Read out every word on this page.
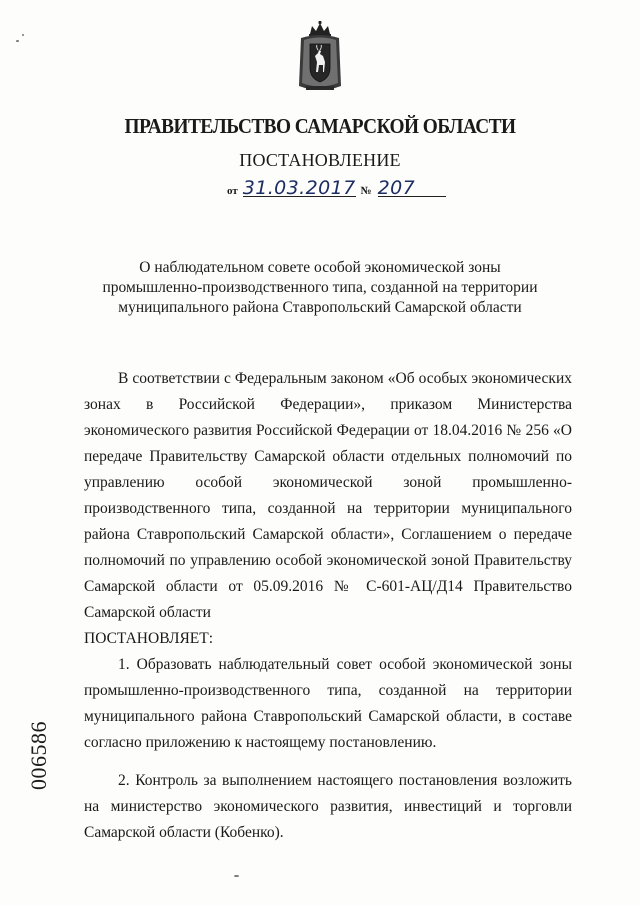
ПРАВИТЕЛЬСТВО САМАРСКОЙ ОБЛАСТИ
ПОСТАНОВЛЕНИЕ
от 31.03.2017 № 207
О наблюдательном совете особой экономической зоны
промышленно-производственного типа, созданной на территории
муниципального района Ставропольский Самарской области

В соответствии с Федеральным законом «Об особых экономических зонах в Российской Федерации», приказом Министерства экономического развития Российской Федерации от 18.04.2016 № 256 «О передаче Правительству Самарской области отдельных полномочий по управлению особой экономической зоной промышленно-производственного типа, созданной на территории муниципального района Ставропольский Самарской области», Соглашением о передаче полномочий по управлению особой экономической зоной Правительству Самарской области от 05.09.2016 № С-601-АЦ/Д14 Правительство Самарской области

ПОСТАНОВЛЯЕТ:

1. Образовать наблюдательный совет особой экономической зоны промышленно-производственного типа, созданной на территории муниципального района Ставропольский Самарской области, в составе согласно приложению к настоящему постановлению.

2. Контроль за выполнением настоящего постановления возложить на министерство экономического развития, инвестиций и торговли Самарской области (Кобенко).

006586
